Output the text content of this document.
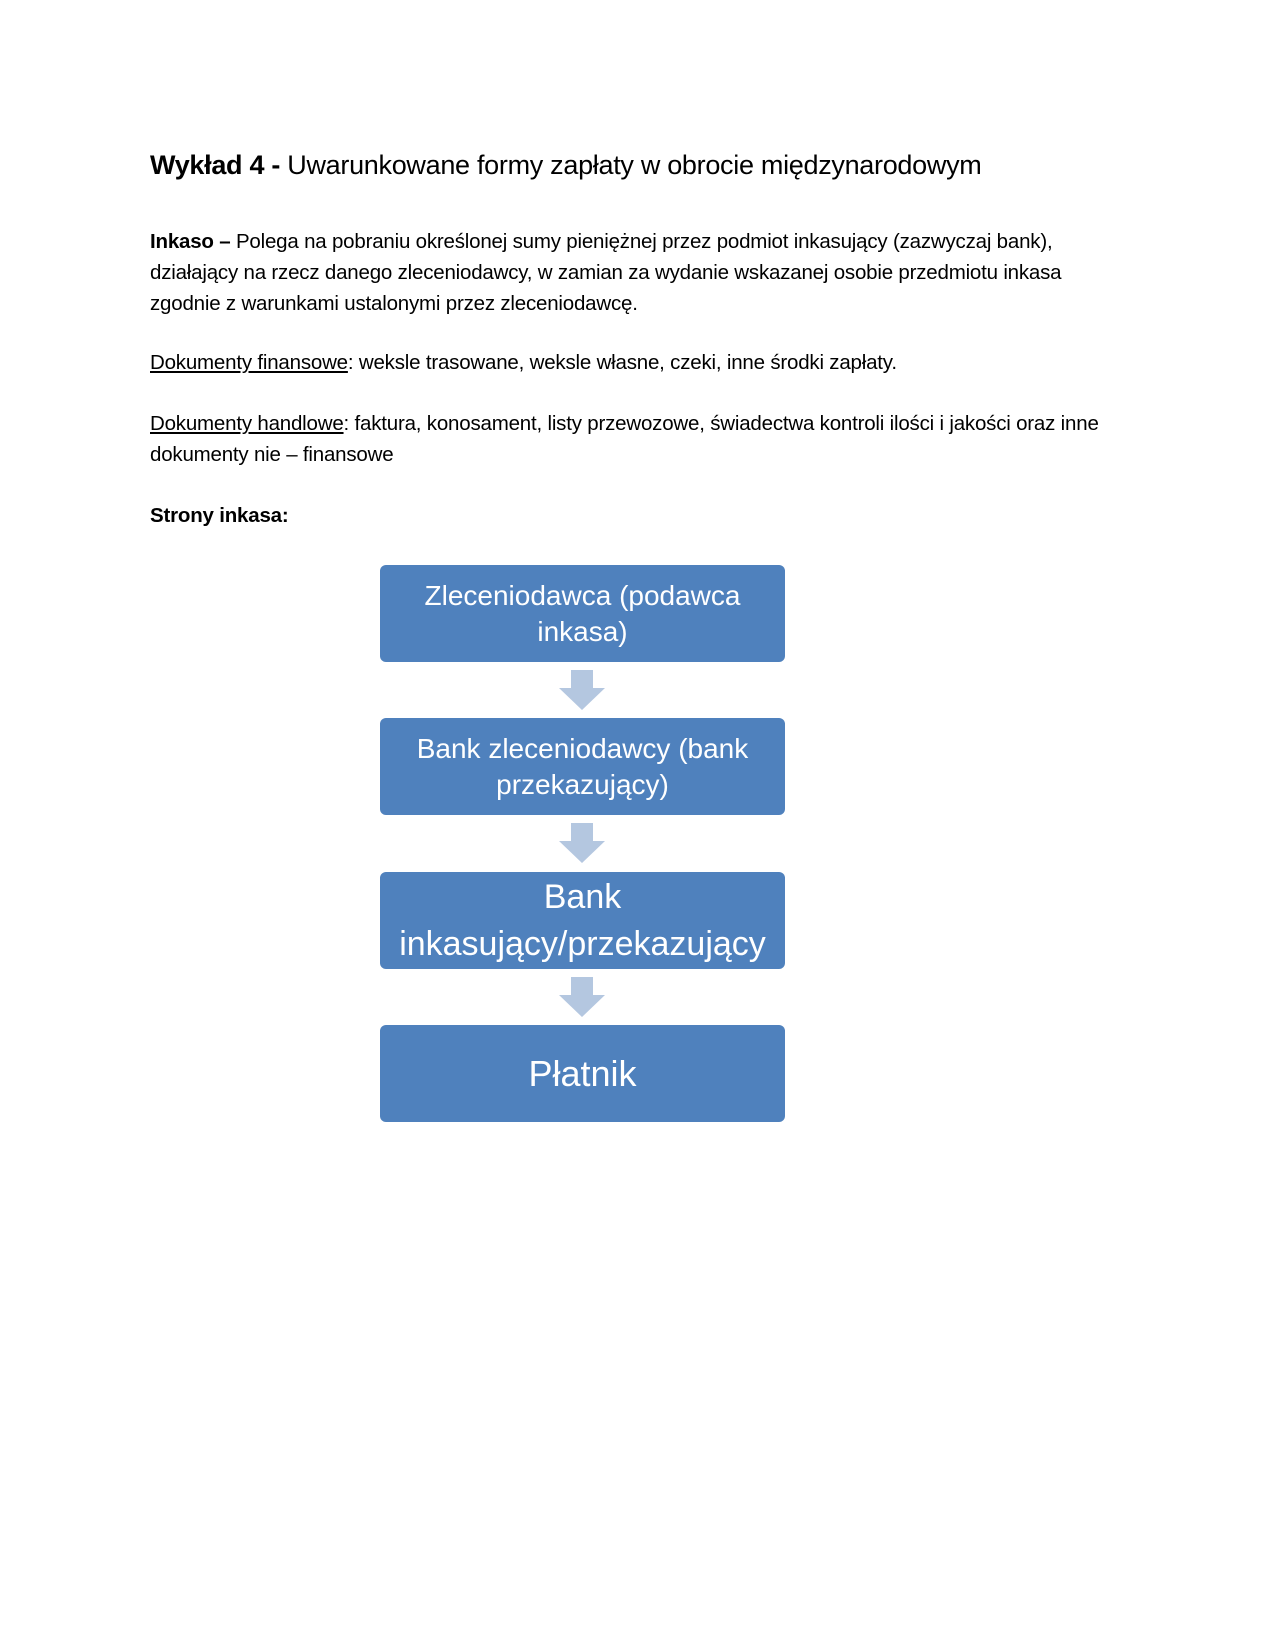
Wykład 4 - Uwarunkowane formy zapłaty w obrocie międzynarodowym

Inkaso – Polega na pobraniu określonej sumy pieniężnej przez podmiot inkasujący (zazwyczaj bank), działający na rzecz danego zleceniodawcy, w zamian za wydanie wskazanej osobie przedmiotu inkasa zgodnie z warunkami ustalonymi przez zleceniodawcę.

Dokumenty finansowe: weksle trasowane, weksle własne, czeki, inne środki zapłaty.

Dokumenty handlowe: faktura, konosament, listy przewozowe, świadectwa kontroli ilości i jakości oraz inne dokumenty nie – finansowe

Strony inkasa:

Zleceniodawca (podawca inkasa)
Bank zleceniodawcy (bank przekazujący)
Bank inkasujący/przekazujący
Płatnik
